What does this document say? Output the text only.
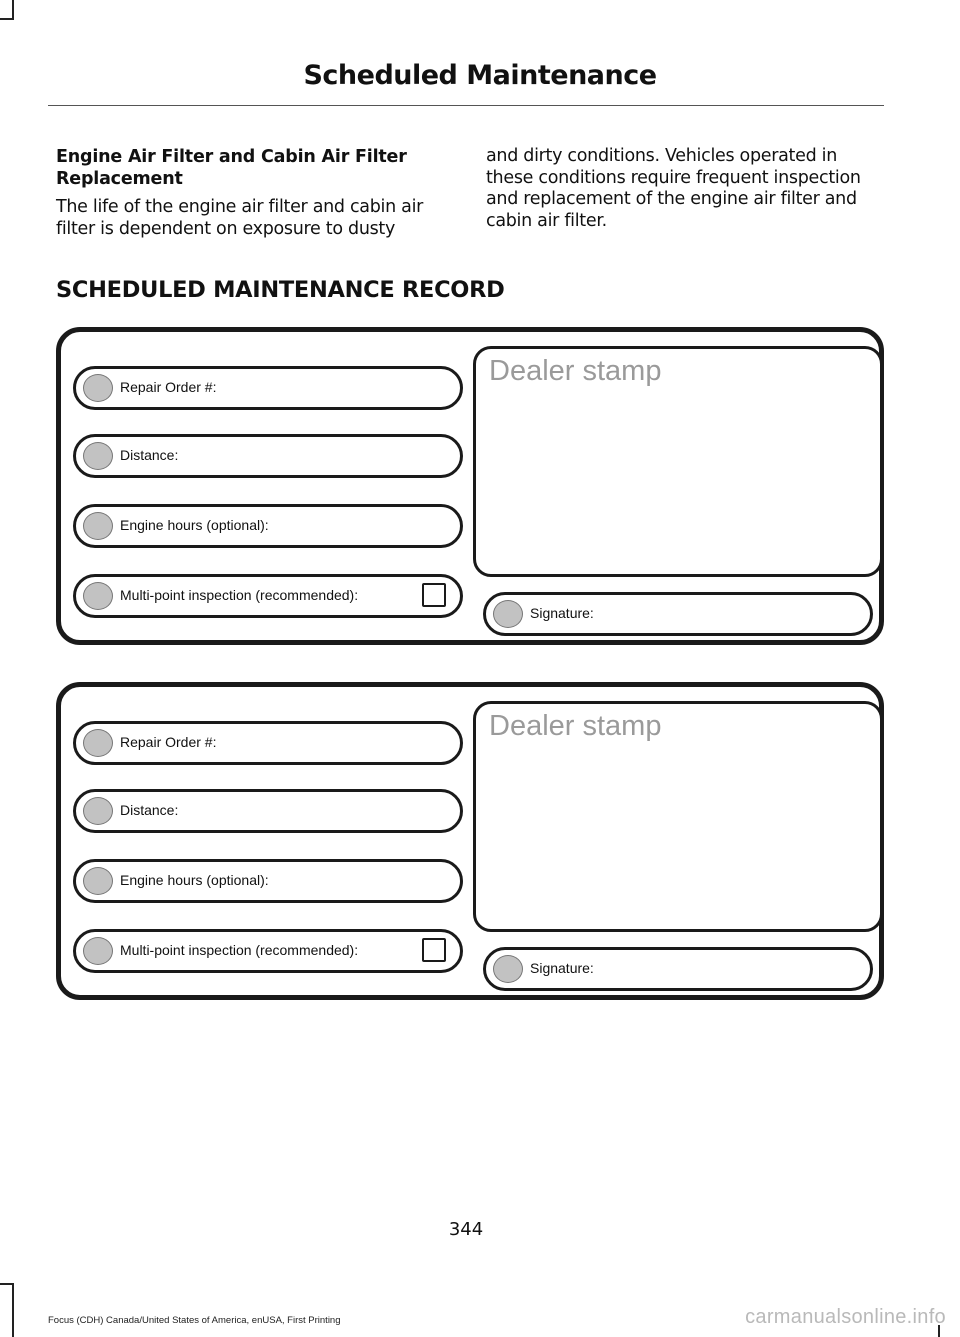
Scheduled Maintenance

Engine Air Filter and Cabin Air Filter Replacement

The life of the engine air filter and cabin air filter is dependent on exposure to dusty

and dirty conditions. Vehicles operated in these conditions require frequent inspection and replacement of the engine air filter and cabin air filter.

SCHEDULED MAINTENANCE RECORD
Repair Order #:
Distance:
Engine hours (optional):
Multi-point inspection (recommended):
Dealer stamp
Signature:
Repair Order #:
Distance:
Engine hours (optional):
Multi-point inspection (recommended):
Dealer stamp
Signature:
344
Focus (CDH) Canada/United States of America, enUSA, First Printing	carmanualsonline.info
